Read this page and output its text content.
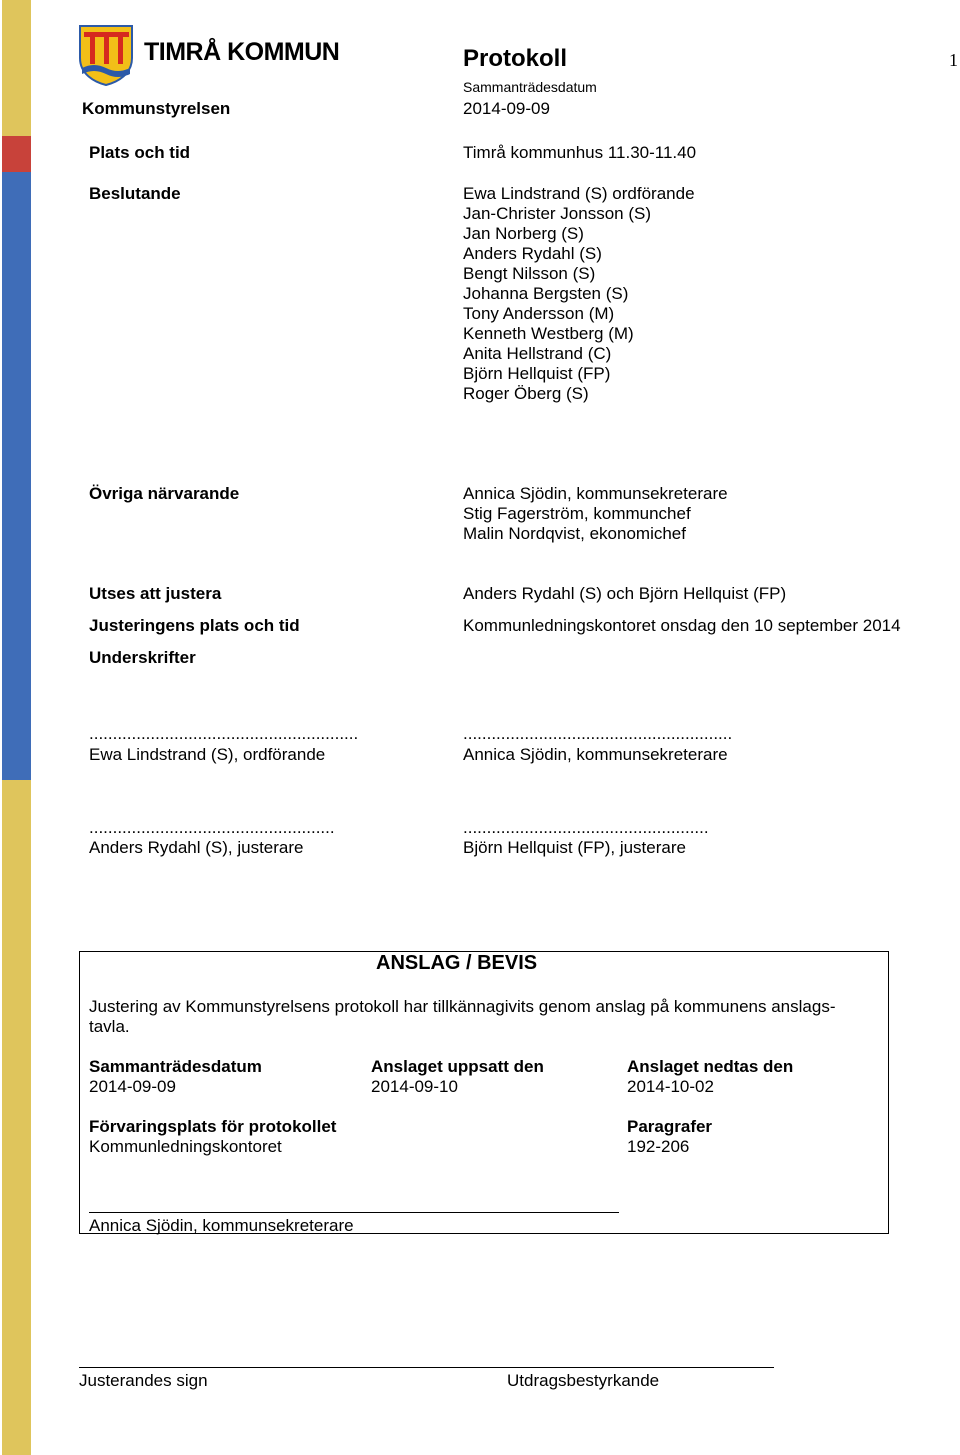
TIMRÅ KOMMUN	Protokoll	1
Sammanträdesdatum
Kommunstyrelsen	2014-09-09
Plats och tid	Timrå kommunhus 11.30-11.40
Beslutande	Ewa Lindstrand (S) ordförande
Jan-Christer Jonsson (S)
Jan Norberg (S)
Anders Rydahl (S)
Bengt Nilsson (S)
Johanna Bergsten (S)
Tony Andersson (M)
Kenneth Westberg (M)
Anita Hellstrand (C)
Björn Hellquist (FP)
Roger Öberg (S)
Övriga närvarande	Annica Sjödin, kommunsekreterare
Stig Fagerström, kommunchef
Malin Nordqvist, ekonomichef
Utses att justera	Anders Rydahl (S) och Björn Hellquist (FP)
Justeringens plats och tid	Kommunledningskontoret onsdag den 10 september 2014
Underskrifter
.........................................................	.........................................................
Ewa Lindstrand (S), ordförande	Annica Sjödin, kommunsekreterare
....................................................	....................................................
Anders Rydahl (S), justerare	Björn Hellquist (FP), justerare
ANSLAG / BEVIS
Justering av Kommunstyrelsens protokoll har tillkännagivits genom anslag på kommunens anslags-
tavla.
Sammanträdesdatum
2014-09-09
Anslaget uppsatt den
2014-09-10
Anslaget nedtas den
2014-10-02
Förvaringsplats för protokollet
Kommunledningskontoret
Paragrafer
192-206
Annica Sjödin, kommunsekreterare
Justerandes sign	Utdragsbestyrkande
